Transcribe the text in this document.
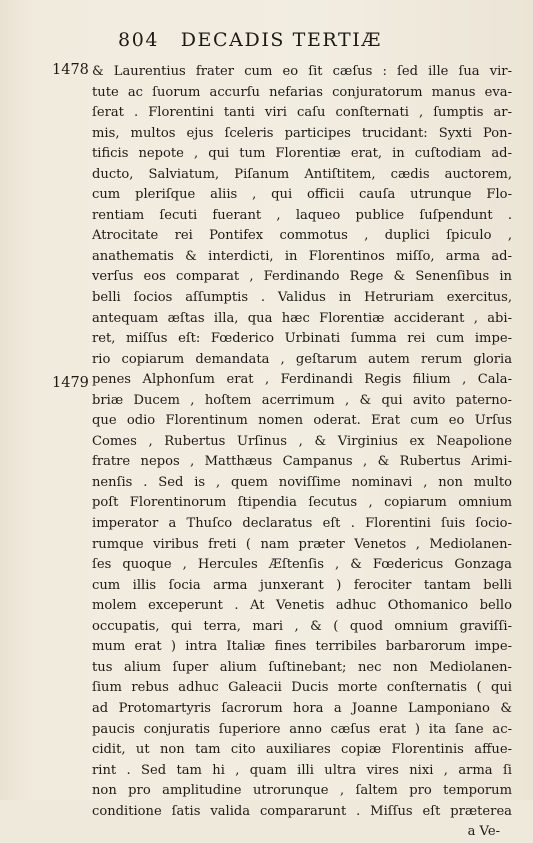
804 DECADIS TERTIÆ
1478
1479
& Laurentius frater cum eo ſit cæſus : ſed ille ſua vir-
tute ac ſuorum accurſu nefarias conjuratorum manus eva-
ſerat . Florentini tanti viri caſu conſternati , ſumptis ar-
mis, multos ejus ſceleris participes trucidant: Syxti Pon-
tificis nepote , qui tum Florentiæ erat, in cuſtodiam ad-
ducto, Salviatum, Piſanum Antiſtitem, cædis auctorem,
cum pleriſque aliis , qui officii cauſa utrunque Flo-
rentiam ſecuti fuerant , laqueo publice ſuſpendunt .
Atrocitate rei Pontifex commotus , duplici ſpiculo ,
anathematis & interdicti, in Florentinos miſſo, arma ad-
verſus eos comparat , Ferdinando Rege & Senenſibus in
belli ſocios aſſumptis . Validus in Hetruriam exercitus,
antequam æſtas illa, qua hæc Florentiæ acciderant , abi-
ret, miſſus eſt: Fœderico Urbinati ſumma rei cum impe-
rio copiarum demandata , geſtarum autem rerum gloria
penes Alphonſum erat , Ferdinandi Regis filium , Cala-
briæ Ducem , hoſtem acerrimum , & qui avito paterno-
que odio Florentinum nomen oderat. Erat cum eo Urſus
Comes , Rubertus Urſinus , & Virginius ex Neapolione
fratre nepos , Matthæus Campanus , & Rubertus Arimi-
nenſis . Sed is , quem noviſſime nominavi , non multo
poſt Florentinorum ſtipendia ſecutus , copiarum omnium
imperator a Thuſco declaratus eſt . Florentini ſuis ſocio-
rumque viribus freti ( nam præter Venetos , Mediolanen-
ſes quoque , Hercules Æſtenſis , & Fœdericus Gonzaga
cum illis ſocia arma junxerant ) ferociter tantam belli
molem exceperunt . At Venetis adhuc Othomanico bello
occupatis, qui terra, mari , & ( quod omnium graviſſi-
mum erat ) intra Italiæ fines terribiles barbarorum impe-
tus alium ſuper alium ſuſtinebant; nec non Mediolanen-
ſium rebus adhuc Galeacii Ducis morte conſternatis ( qui
ad Protomartyris ſacrorum hora a Joanne Lamponiano &
paucis conjuratis ſuperiore anno cæſus erat ) ita ſane ac-
cidit, ut non tam cito auxiliares copiæ Florentinis affue-
rint . Sed tam hi , quam illi ultra vires nixi , arma ſi
non pro amplitudine utrorunque , ſaltem pro temporum
conditione ſatis valida compararunt . Miſſus eſt præterea
a Ve-
